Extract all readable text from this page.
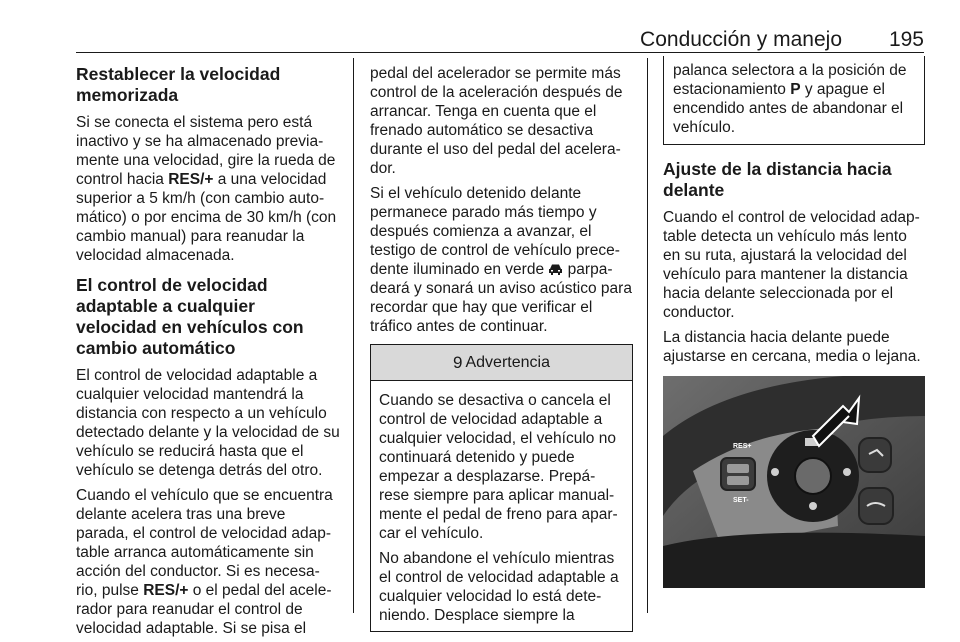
Conducción y manejo 195
Restablecer la velocidad memorizada

Si se conecta el sistema pero está inactivo y se ha almacenado previa-mente una velocidad, gire la rueda de control hacia RES/+ a una velocidad superior a 5 km/h (con cambio auto-mático) o por encima de 30 km/h (con cambio manual) para reanudar la velocidad almacenada.

El control de velocidad adaptable a cualquier velocidad en vehículos con cambio automático

El control de velocidad adaptable a cualquier velocidad mantendrá la distancia con respecto a un vehículo detectado delante y la velocidad de su vehículo se reducirá hasta que el vehículo se detenga detrás del otro.

Cuando el vehículo que se encuentra delante acelera tras una breve parada, el control de velocidad adap-table arranca automáticamente sin acción del conductor. Si es necesa-rio, pulse RES/+ o el pedal del acele-rador para reanudar el control de velocidad adaptable. Si se pisa el

pedal del acelerador se permite más control de la aceleración después de arrancar. Tenga en cuenta que el frenado automático se desactiva durante el uso del pedal del acelera-dor.

Si el vehículo detenido delante permanece parado más tiempo y después comienza a avanzar, el testigo de control de vehículo prece-dente iluminado en verde  parpa-deará y sonará un aviso acústico para recordar que hay que verificar el tráfico antes de continuar.

9 Advertencia

Cuando se desactiva o cancela el control de velocidad adaptable a cualquier velocidad, el vehículo no continuará detenido y puede empezar a desplazarse. Prepá-rese siempre para aplicar manual-mente el pedal de freno para apar-car el vehículo.

No abandone el vehículo mientras el control de velocidad adaptable a cualquier velocidad lo está dete-niendo. Desplace siempre la

palanca selectora a la posición de estacionamiento P y apague el encendido antes de abandonar el vehículo.
Ajuste de la distancia hacia delante

Cuando el control de velocidad adap-table detecta un vehículo más lento en su ruta, ajustará la velocidad del vehículo para mantener la distancia hacia delante seleccionada por el conductor.

La distancia hacia delante puede ajustarse en cercana, media o lejana.

RES+
SET-
